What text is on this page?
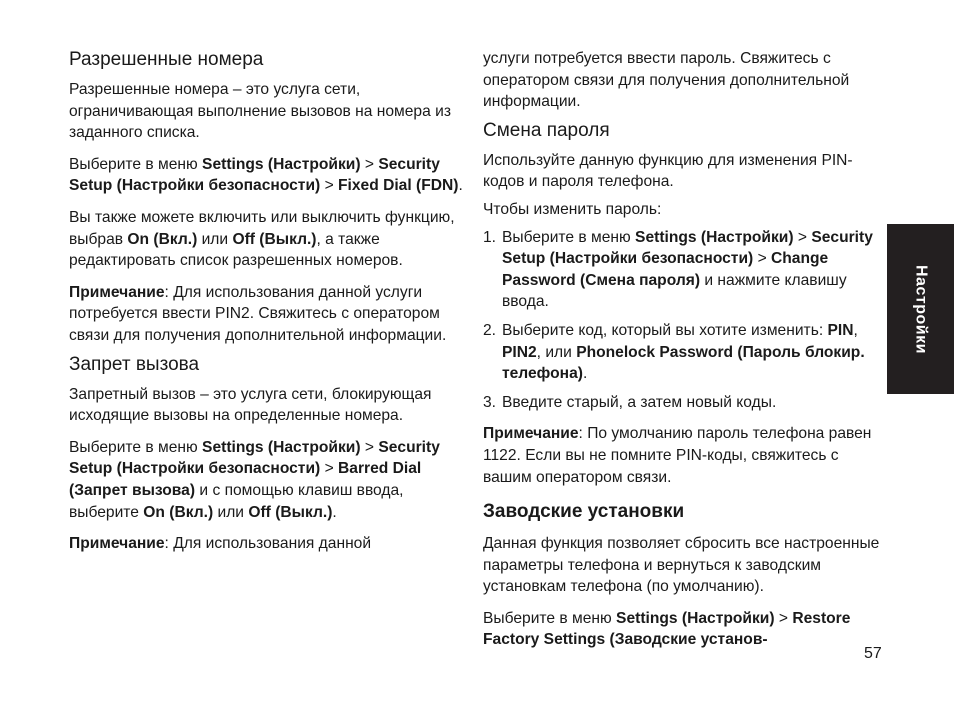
Разрешенные номера

Разрешенные номера – это услуга сети, ограничивающая выполнение вызовов на номера из заданного списка.

Выберите в меню Settings (Настройки) > Security Setup (Настройки безопасности) > Fixed Dial (FDN).

Вы также можете включить или выключить функцию, выбрав On (Вкл.) или Off (Выкл.), а также редактировать список разрешенных номеров.

Примечание: Для использования данной услуги потребуется ввести PIN2. Свяжитесь с оператором связи для получения дополнительной информации.

Запрет вызова

Запретный вызов – это услуга сети, блокирующая исходящие вызовы на определенные номера.

Выберите в меню Settings (Настройки) > Security Setup (Настройки безопасности) > Barred Dial (Запрет вызова) и с помощью клавиш ввода, выберите On (Вкл.) или Off (Выкл.).

Примечание: Для использования данной

услуги потребуется ввести пароль. Свяжитесь с оператором связи для получения дополнительной информации.

Смена пароля

Используйте данную функцию для изменения PIN-кодов и пароля телефона.

Чтобы изменить пароль:

1. Выберите в меню Settings (Настройки) > Security Setup (Настройки безопасности) > Change Password (Смена пароля) и нажмите клавишу ввода.
2. Выберите код, который вы хотите изменить: PIN, PIN2, или Phonelock Password (Пароль блокир. телефона).
3. Введите старый, а затем новый коды.

Примечание: По умолчанию пароль телефона равен 1122. Если вы не помните PIN-коды, свяжитесь с вашим оператором связи.

Заводские установки

Данная функция позволяет сбросить все настроенные параметры телефона и вернуться к заводским установкам телефона (по умолчанию).

Выберите в меню Settings (Настройки) > Restore Factory Settings (Заводские установ-

Настройки
57
